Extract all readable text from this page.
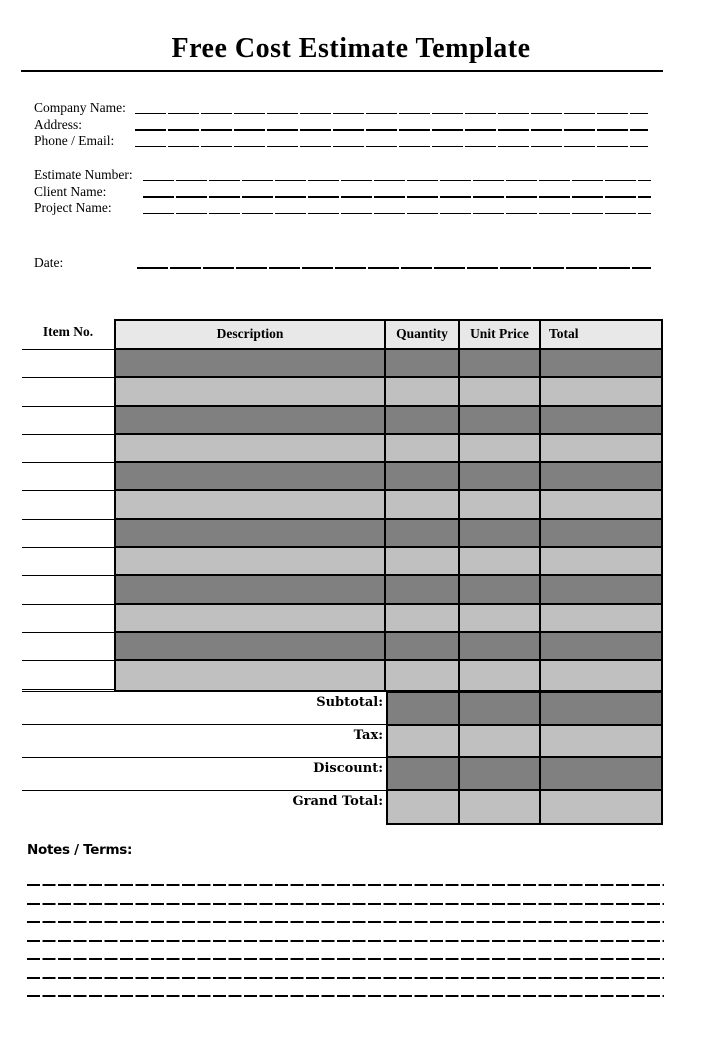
Free Cost Estimate Template
Company Name:
Address:
Phone / Email:
Estimate Number:
Client Name:
Project Name:
Date:
Item No.	Description	Quantity	Unit Price	Total
Subtotal:
Tax:
Discount:
Grand Total:
Notes / Terms:
